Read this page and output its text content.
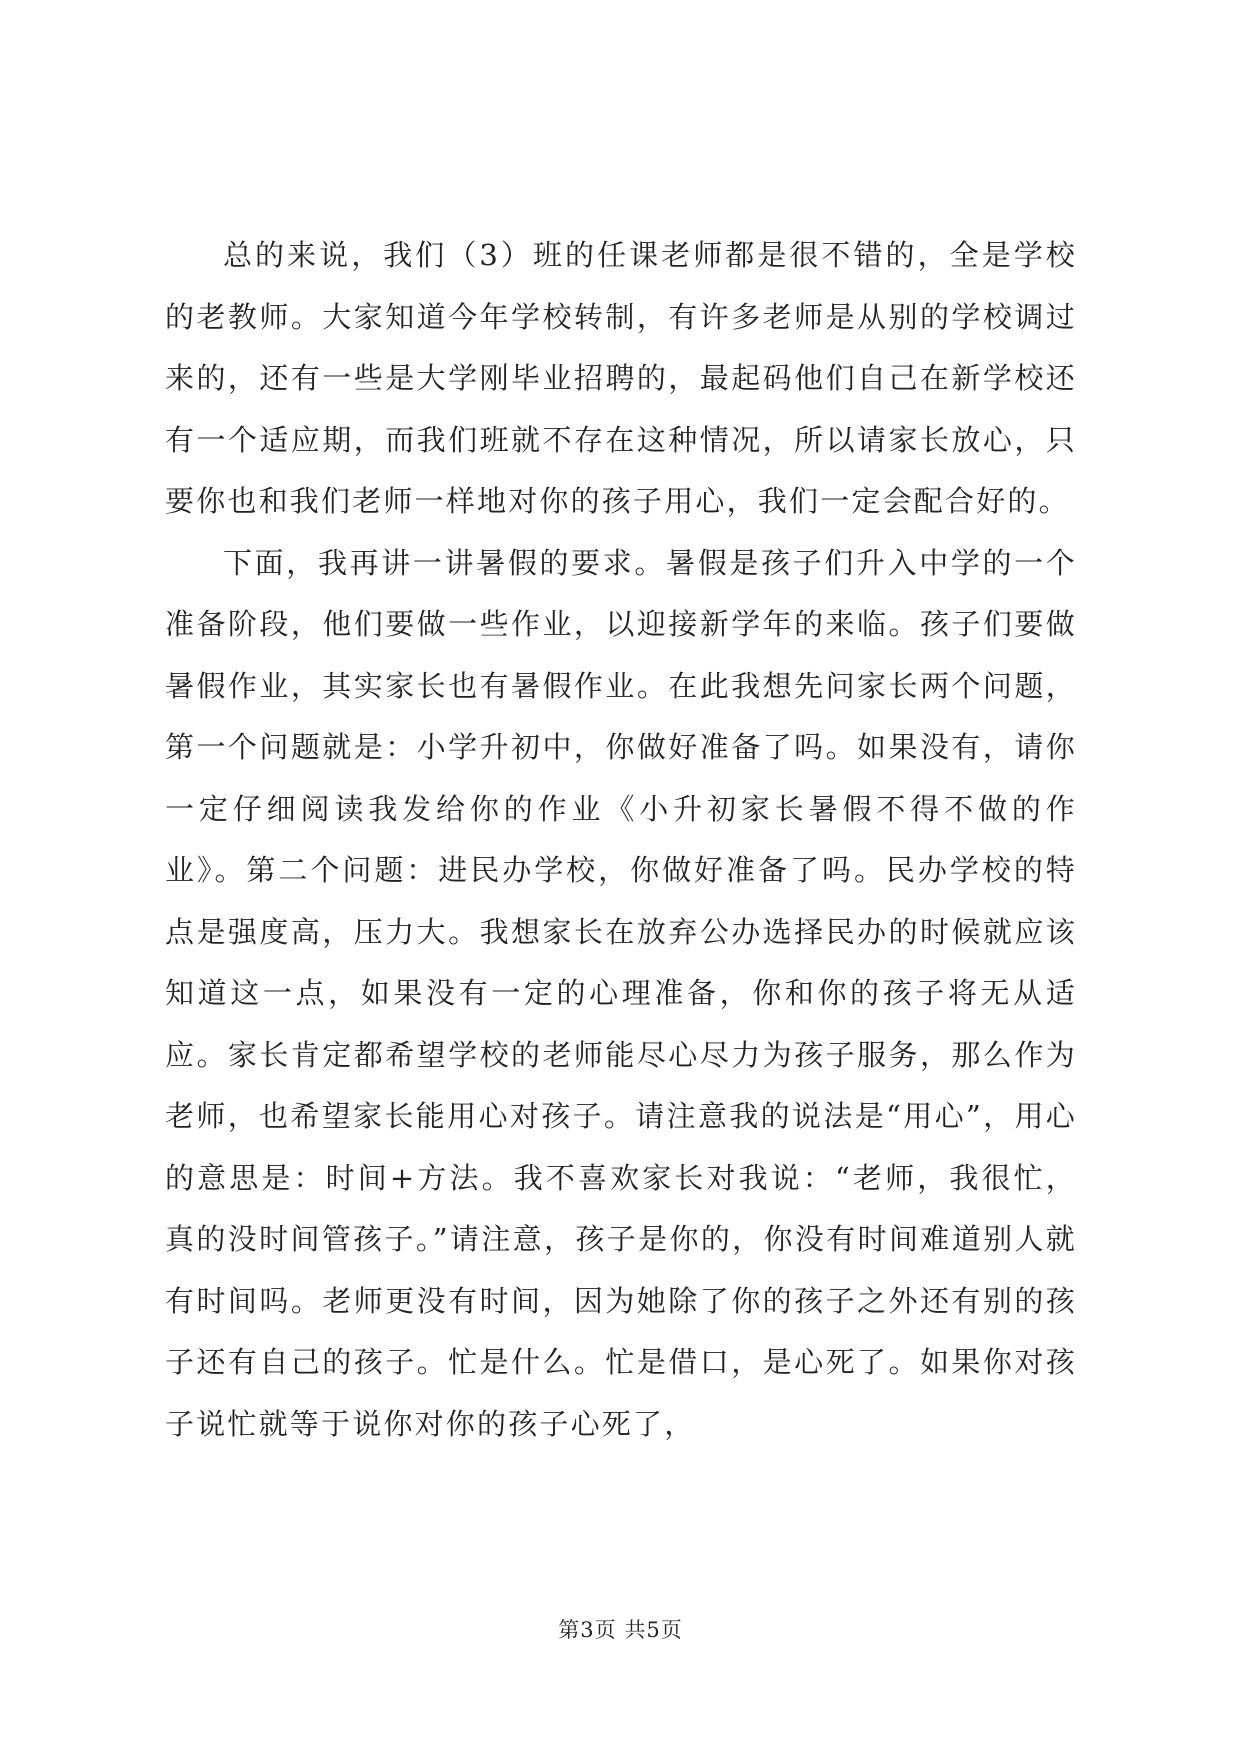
总的来说，我们（3）班的任课老师都是很不错的，全是学校的老教师。大家知道今年学校转制，有许多老师是从别的学校调过来的，还有一些是大学刚毕业招聘的，最起码他们自己在新学校还有一个适应期，而我们班就不存在这种情况，所以请家长放心，只要你也和我们老师一样地对你的孩子用心，我们一定会配合好的。

下面，我再讲一讲暑假的要求。暑假是孩子们升入中学的一个准备阶段，他们要做一些作业，以迎接新学年的来临。孩子们要做暑假作业，其实家长也有暑假作业。在此我想先问家长两个问题，第一个问题就是：小学升初中，你做好准备了吗。如果没有，请你一定仔细阅读我发给你的作业《小升初家长暑假不得不做的作业》。第二个问题：进民办学校，你做好准备了吗。民办学校的特点是强度高，压力大。我想家长在放弃公办选择民办的时候就应该知道这一点，如果没有一定的心理准备，你和你的孩子将无从适应。家长肯定都希望学校的老师能尽心尽力为孩子服务，那么作为老师，也希望家长能用心对孩子。请注意我的说法是“用心”，用心的意思是：时间+方法。我不喜欢家长对我说：“老师，我很忙，真的没时间管孩子。”请注意，孩子是你的，你没有时间难道别人就有时间吗。老师更没有时间，因为她除了你的孩子之外还有别的孩子还有自己的孩子。忙是什么。忙是借口，是心死了。如果你对孩子说忙就等于说你对你的孩子心死了，

第3页 共5页
